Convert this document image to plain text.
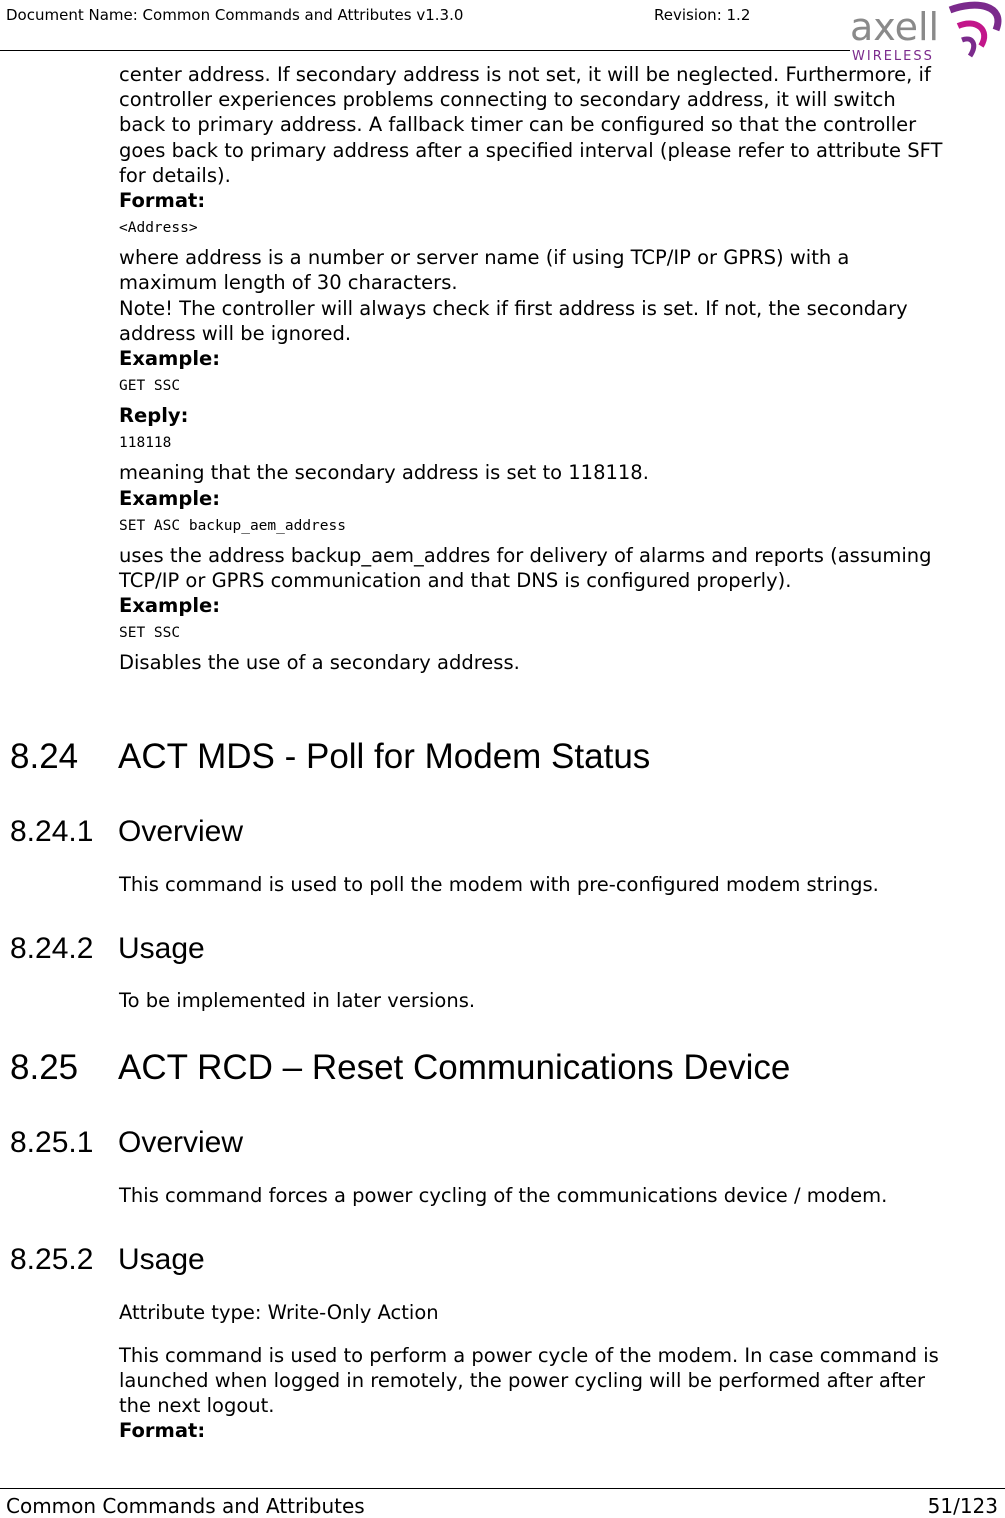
Document Name: Common Commands and Attributes v1.3.0	Revision: 1.2	axell
WIRELESS

center address. If secondary address is not set, it will be neglected. Furthermore, if

controller experiences problems connecting to secondary address, it will switch

back to primary address. A fallback timer can be configured so that the controller

goes back to primary address after a specified interval (please refer to attribute SFT

for details).

Format:

<Address>

where address is a number or server name (if using TCP/IP or GPRS) with a

maximum length of 30 characters.

Note! The controller will always check if first address is set. If not, the secondary

address will be ignored.

Example:

GET SSC

Reply:

118118

meaning that the secondary address is set to 118118.

Example:

SET ASC backup_aem_address

uses the address backup_aem_addres for delivery of alarms and reports (assuming

TCP/IP or GPRS communication and that DNS is configured properly).

Example:

SET SSC

Disables the use of a secondary address.

8.24 ACT MDS - Poll for Modem Status
8.24.1 Overview

This command is used to poll the modem with pre-configured modem strings.

8.24.2 Usage

To be implemented in later versions.

8.25 ACT RCD – Reset Communications Device
8.25.1 Overview

This command forces a power cycling of the communications device / modem.

8.25.2 Usage

Attribute type: Write-Only Action

This command is used to perform a power cycle of the modem. In case command is

launched when logged in remotely, the power cycling will be performed after after

the next logout.

Format:

Common Commands and Attributes	51/123
